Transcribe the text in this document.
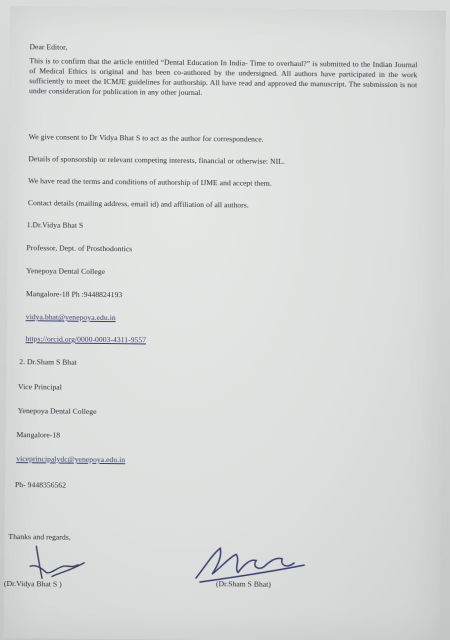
Dear Editor,
This is to confirm that the article entitled “Dental Education In India- Time to overhaul?” is submitted to the Indian Journal of Medical Ethics is original and has been co-authored by the undersigned. All authors have participated in the work sufficiently to meet the ICMJE guidelines for authorship. All have read and approved the manuscript. The submission is not under consideration for publication in any other journal.
We give consent to Dr Vidya Bhat S to act as the author for correspondence.
Details of sponsorship or relevant competing interests, financial or otherwise: NIL.
We have read the terms and conditions of authorship of IJME and accept them.
Contact details (mailing address, email id) and affiliation of all authors.
1.Dr.Vidya Bhat S
Professor, Dept. of Prosthodontics
Yenepoya Dental College
Mangalore-18 Ph :9448824193
vidya.bhat@yenepoya.edu.in
https://orcid.org/0000-0003-4311-9557
2. Dr.Sham S Bhat
Vice Principal
Yenepoya Dental College
Mangalore-18
viceprincipalydc@yenepoya.edu.in
Ph- 9448356562
Thanks and regards,
(Dr.Vidya Bhat S )	(Dr.Sham S Bhat)
